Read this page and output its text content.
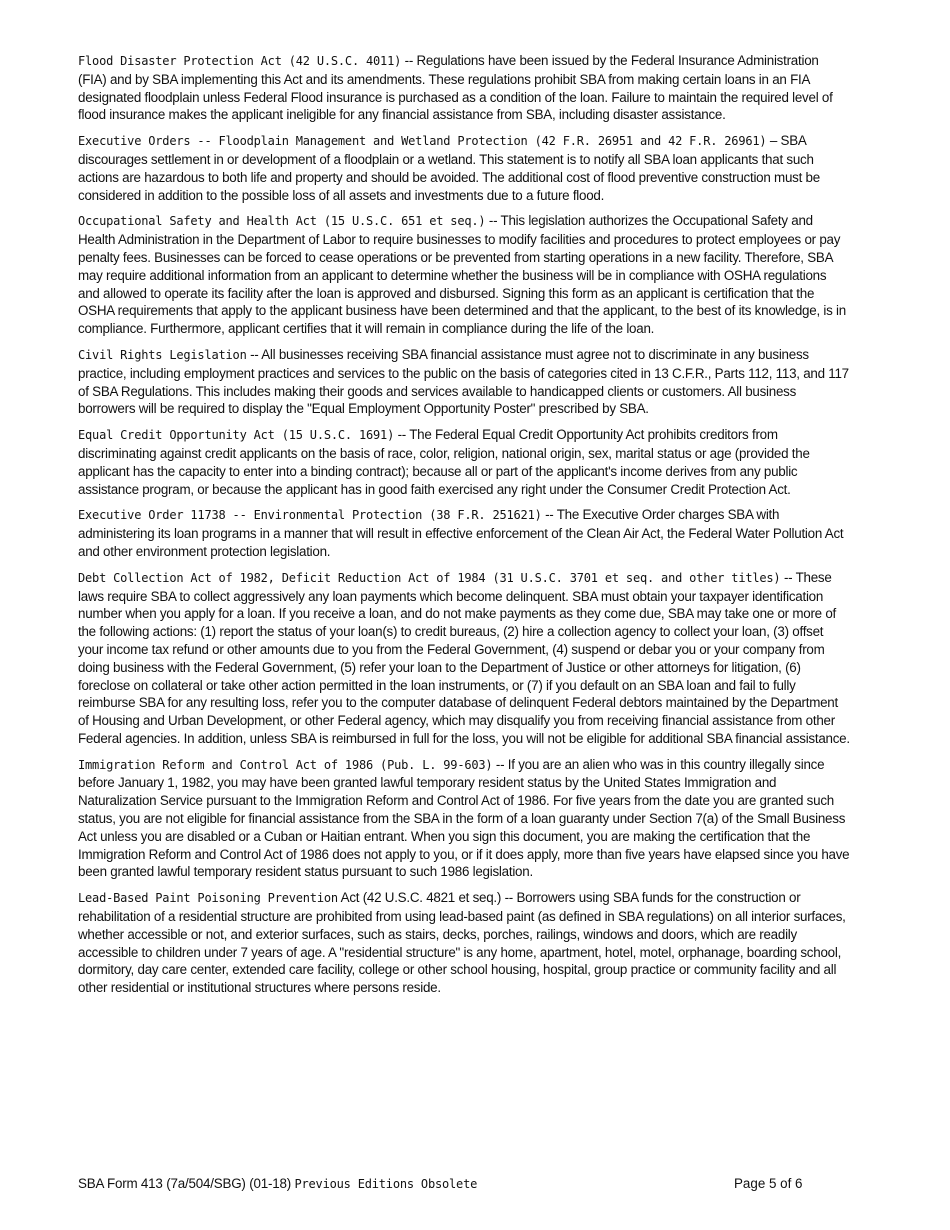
Flood Disaster Protection Act (42 U.S.C. 4011) -- Regulations have been issued by the Federal Insurance Administration (FIA) and by SBA implementing this Act and its amendments. These regulations prohibit SBA from making certain loans in an FIA designated floodplain unless Federal Flood insurance is purchased as a condition of the loan. Failure to maintain the required level of flood insurance makes the applicant ineligible for any financial assistance from SBA, including disaster assistance.

Executive Orders -- Floodplain Management and Wetland Protection (42 F.R. 26951 and 42 F.R. 26961) – SBA discourages settlement in or development of a floodplain or a wetland. This statement is to notify all SBA loan applicants that such actions are hazardous to both life and property and should be avoided. The additional cost of flood preventive construction must be considered in addition to the possible loss of all assets and investments due to a future flood.

Occupational Safety and Health Act (15 U.S.C. 651 et seq.) -- This legislation authorizes the Occupational Safety and Health Administration in the Department of Labor to require businesses to modify facilities and procedures to protect employees or pay penalty fees. Businesses can be forced to cease operations or be prevented from starting operations in a new facility. Therefore, SBA may require additional information from an applicant to determine whether the business will be in compliance with OSHA regulations and allowed to operate its facility after the loan is approved and disbursed. Signing this form as an applicant is certification that the OSHA requirements that apply to the applicant business have been determined and that the applicant, to the best of its knowledge, is in compliance. Furthermore, applicant certifies that it will remain in compliance during the life of the loan.

Civil Rights Legislation -- All businesses receiving SBA financial assistance must agree not to discriminate in any business practice, including employment practices and services to the public on the basis of categories cited in 13 C.F.R., Parts 112, 113, and 117 of SBA Regulations. This includes making their goods and services available to handicapped clients or customers. All business borrowers will be required to display the "Equal Employment Opportunity Poster" prescribed by SBA.

Equal Credit Opportunity Act (15 U.S.C. 1691) -- The Federal Equal Credit Opportunity Act prohibits creditors from discriminating against credit applicants on the basis of race, color, religion, national origin, sex, marital status or age (provided the applicant has the capacity to enter into a binding contract); because all or part of the applicant's income derives from any public assistance program, or because the applicant has in good faith exercised any right under the Consumer Credit Protection Act.

Executive Order 11738 -- Environmental Protection (38 F.R. 251621) -- The Executive Order charges SBA with administering its loan programs in a manner that will result in effective enforcement of the Clean Air Act, the Federal Water Pollution Act and other environment protection legislation.

Debt Collection Act of 1982, Deficit Reduction Act of 1984 (31 U.S.C. 3701 et seq. and other titles) -- These laws require SBA to collect aggressively any loan payments which become delinquent. SBA must obtain your taxpayer identification number when you apply for a loan. If you receive a loan, and do not make payments as they come due, SBA may take one or more of the following actions: (1) report the status of your loan(s) to credit bureaus, (2) hire a collection agency to collect your loan, (3) offset your income tax refund or other amounts due to you from the Federal Government, (4) suspend or debar you or your company from doing business with the Federal Government, (5) refer your loan to the Department of Justice or other attorneys for litigation, (6) foreclose on collateral or take other action permitted in the loan instruments, or (7) if you default on an SBA loan and fail to fully reimburse SBA for any resulting loss, refer you to the computer database of delinquent Federal debtors maintained by the Department of Housing and Urban Development, or other Federal agency, which may disqualify you from receiving financial assistance from other Federal agencies. In addition, unless SBA is reimbursed in full for the loss, you will not be eligible for additional SBA financial assistance.

Immigration Reform and Control Act of 1986 (Pub. L. 99-603) -- If you are an alien who was in this country illegally since before January 1, 1982, you may have been granted lawful temporary resident status by the United States Immigration and Naturalization Service pursuant to the Immigration Reform and Control Act of 1986. For five years from the date you are granted such status, you are not eligible for financial assistance from the SBA in the form of a loan guaranty under Section 7(a) of the Small Business Act unless you are disabled or a Cuban or Haitian entrant. When you sign this document, you are making the certification that the Immigration Reform and Control Act of 1986 does not apply to you, or if it does apply, more than five years have elapsed since you have been granted lawful temporary resident status pursuant to such 1986 legislation.

Lead-Based Paint Poisoning Prevention Act (42 U.S.C. 4821 et seq.) -- Borrowers using SBA funds for the construction or rehabilitation of a residential structure are prohibited from using lead-based paint (as defined in SBA regulations) on all interior surfaces, whether accessible or not, and exterior surfaces, such as stairs, decks, porches, railings, windows and doors, which are readily accessible to children under 7 years of age. A "residential structure" is any home, apartment, hotel, motel, orphanage, boarding school, dormitory, day care center, extended care facility, college or other school housing, hospital, group practice or community facility and all other residential or institutional structures where persons reside.

SBA Form 413 (7a/504/SBG) (01-18) Previous Editions Obsolete	Page 5 of 6
